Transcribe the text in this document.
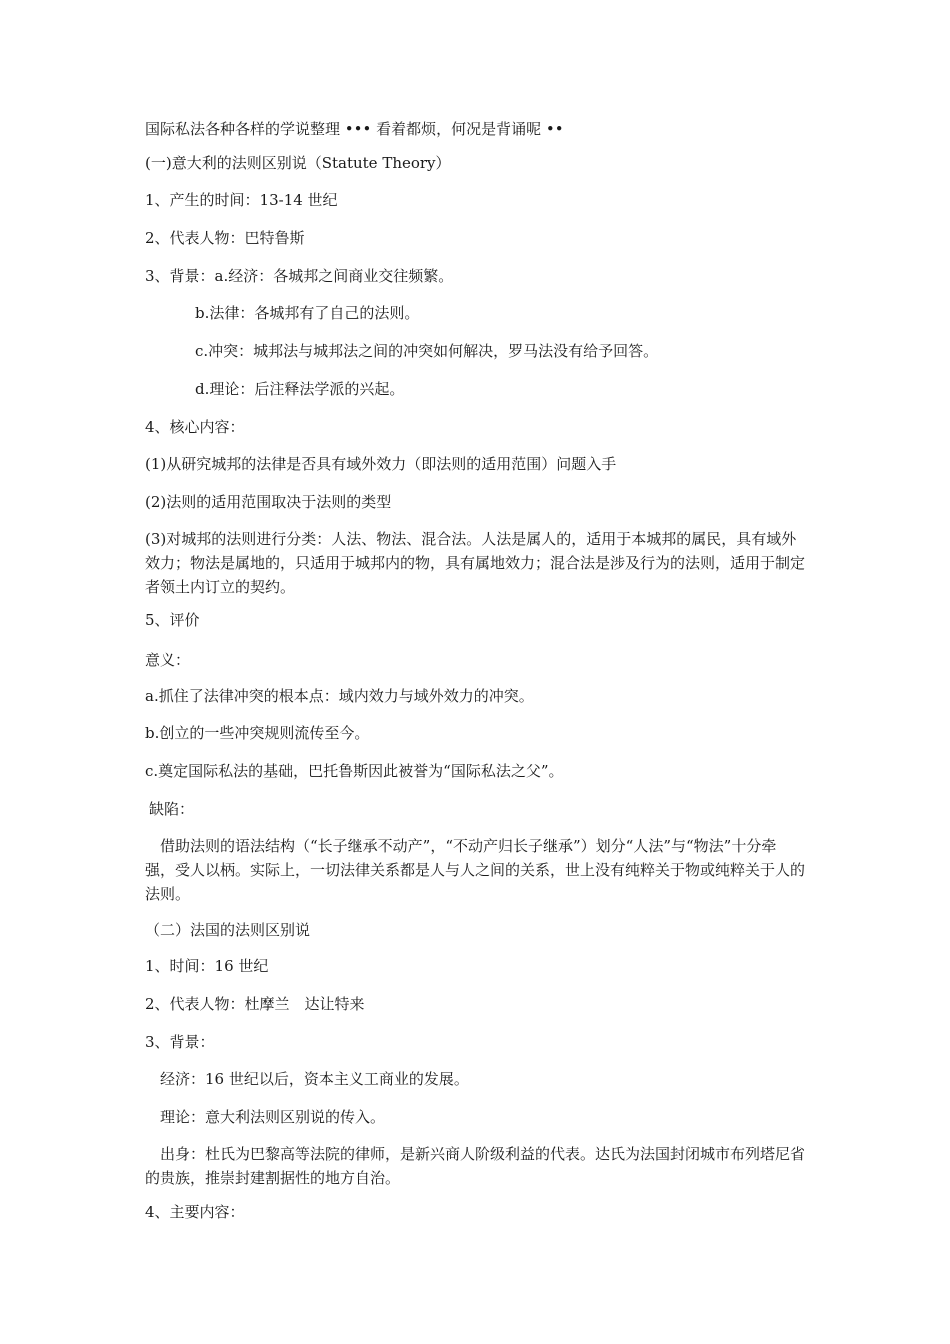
国际私法各种各样的学说整理 ••• 看着都烦，何况是背诵呢 ••

(一)意大利的法则区别说（Statute Theory）

1、产生的时间：13-14 世纪

2、代表人物：巴特鲁斯

3、背景：a.经济：各城邦之间商业交往频繁。

b.法律：各城邦有了自己的法则。

c.冲突：城邦法与城邦法之间的冲突如何解决，罗马法没有给予回答。

d.理论：后注释法学派的兴起。

4、核心内容：

(1)从研究城邦的法律是否具有域外效力（即法则的适用范围）问题入手

(2)法则的适用范围取决于法则的类型

(3)对城邦的法则进行分类：人法、物法、混合法。人法是属人的，适用于本城邦的属民，具有域外效力；物法是属地的，只适用于城邦内的物，具有属地效力；混合法是涉及行为的法则，适用于制定者领土内订立的契约。

5、评价

意义：

a.抓住了法律冲突的根本点：域内效力与域外效力的冲突。

b.创立的一些冲突规则流传至今。

c.奠定国际私法的基础，巴托鲁斯因此被誉为“国际私法之父”。

缺陷：

借助法则的语法结构（“长子继承不动产”，“不动产归长子继承”）划分“人法”与“物法”十分牵强，受人以柄。实际上，一切法律关系都是人与人之间的关系，世上没有纯粹关于物或纯粹关于人的法则。

（二）法国的法则区别说

1、时间：16 世纪

2、代表人物：杜摩兰　达让特来

3、背景：

经济：16 世纪以后，资本主义工商业的发展。

理论：意大利法则区别说的传入。

出身：杜氏为巴黎高等法院的律师，是新兴商人阶级利益的代表。达氏为法国封闭城市布列塔尼省的贵族，推崇封建割据性的地方自治。

4、主要内容：
